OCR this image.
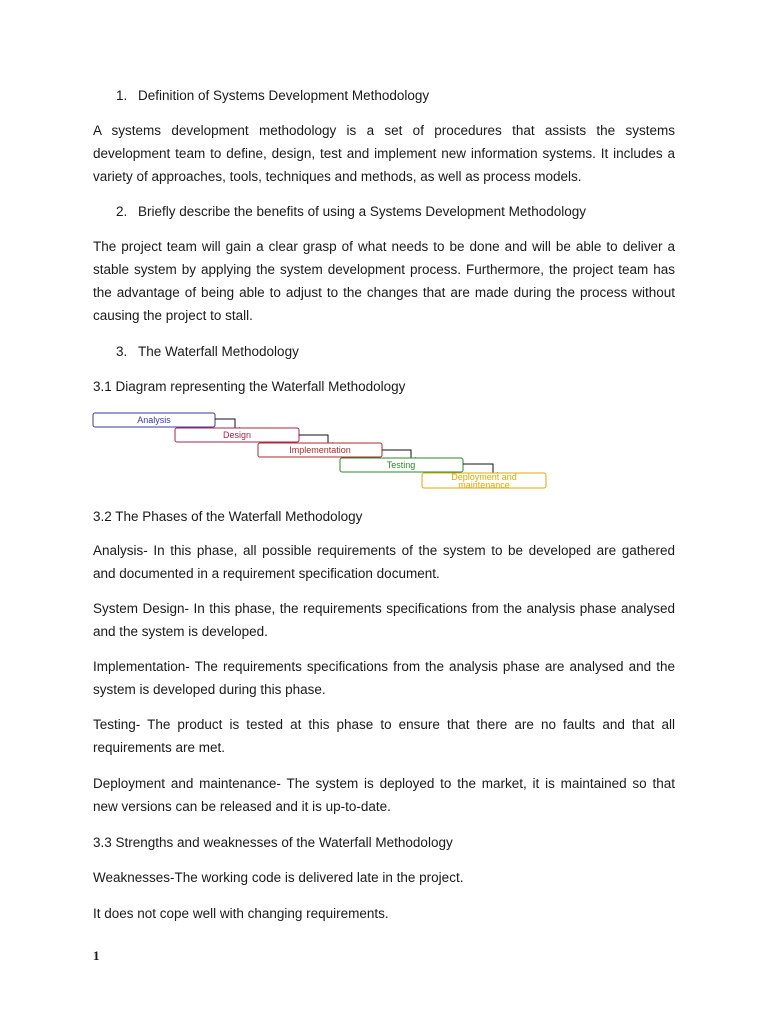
1. Definition of Systems Development Methodology

A systems development methodology is a set of procedures that assists the systems development team to define, design, test and implement new information systems. It includes a variety of approaches, tools, techniques and methods, as well as process models.

2. Briefly describe the benefits of using a Systems Development Methodology

The project team will gain a clear grasp of what needs to be done and will be able to deliver a stable system by applying the system development process. Furthermore, the project team has the advantage of being able to adjust to the changes that are made during the process without causing the project to stall.

3. The Waterfall Methodology

3.1 Diagram representing the Waterfall Methodology

Analysis
Design
Implementation
Testing
Deployment and
maintenance

3.2 The Phases of the Waterfall Methodology

Analysis- In this phase, all possible requirements of the system to be developed are gathered and documented in a requirement specification document.

System Design- In this phase, the requirements specifications from the analysis phase analysed and the system is developed.

Implementation- The requirements specifications from the analysis phase are analysed and the system is developed during this phase.

Testing- The product is tested at this phase to ensure that there are no faults and that all requirements are met.

Deployment and maintenance- The system is deployed to the market, it is maintained so that new versions can be released and it is up-to-date.

3.3 Strengths and weaknesses of the Waterfall Methodology

Weaknesses-The working code is delivered late in the project.

It does not cope well with changing requirements.

1
